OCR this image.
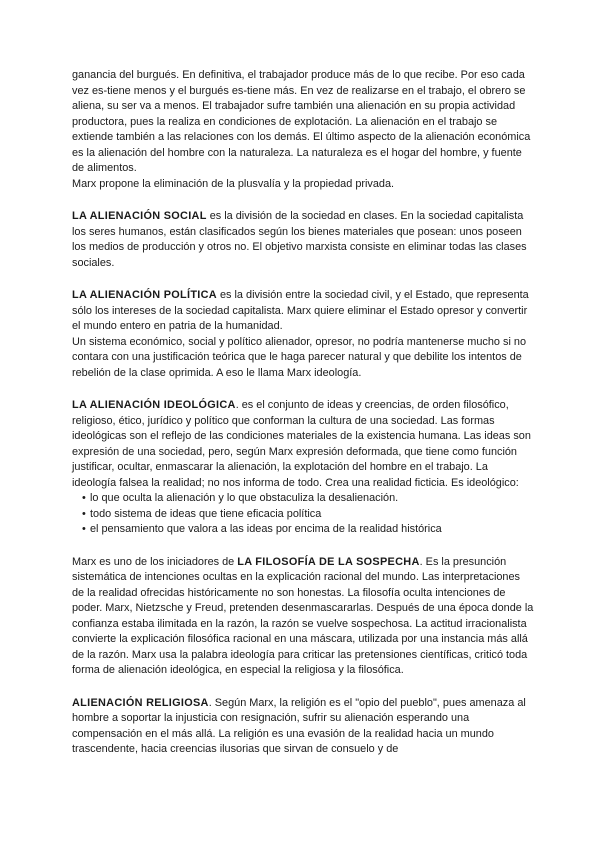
ganancia del burgués. En definitiva, el trabajador produce más de lo que recibe. Por eso cada vez es-tiene menos y el burgués es-tiene más. En vez de realizarse en el trabajo, el obrero se aliena, su ser va a menos. El trabajador sufre también una alienación en su propia actividad productora, pues la realiza en condiciones de explotación. La alienación en el trabajo se extiende también a las relaciones con los demás. El último aspecto de la alienación económica es la alienación del hombre con la naturaleza. La naturaleza es el hogar del hombre, y fuente de alimentos.

Marx propone la eliminación de la plusvalía y la propiedad privada.

LA ALIENACIÓN SOCIAL es la división de la sociedad en clases. En la sociedad capitalista los seres humanos, están clasificados según los bienes materiales que posean: unos poseen los medios de producción y otros no. El objetivo marxista consiste en eliminar todas las clases sociales.

LA ALIENACIÓN POLÍTICA es la división entre la sociedad civil, y el Estado, que representa sólo los intereses de la sociedad capitalista. Marx quiere eliminar el Estado opresor y convertir el mundo entero en patria de la humanidad.

Un sistema económico, social y político alienador, opresor, no podría mantenerse mucho si no contara con una justificación teórica que le haga parecer natural y que debilite los intentos de rebelión de la clase oprimida. A eso le llama Marx ideología.

LA ALIENACIÓN IDEOLÓGICA. es el conjunto de ideas y creencias, de orden filosófico, religioso, ético, jurídico y político que conforman la cultura de una sociedad. Las formas ideológicas son el reflejo de las condiciones materiales de la existencia humana. Las ideas son expresión de una sociedad, pero, según Marx expresión deformada, que tiene como función justificar, ocultar, enmascarar la alienación, la explotación del hombre en el trabajo. La ideología falsea la realidad; no nos informa de todo. Crea una realidad ficticia. Es ideológico:

• lo que oculta la alienación y lo que obstaculiza la desalienación.
• todo sistema de ideas que tiene eficacia política
• el pensamiento que valora a las ideas por encima de la realidad histórica

Marx es uno de los iniciadores de LA FILOSOFÍA DE LA SOSPECHA. Es la presunción sistemática de intenciones ocultas en la explicación racional del mundo. Las interpretaciones de la realidad ofrecidas históricamente no son honestas. La filosofía oculta intenciones de poder. Marx, Nietzsche y Freud, pretenden desenmascararlas. Después de una época donde la confianza estaba ilimitada en la razón, la razón se vuelve sospechosa. La actitud irracionalista convierte la explicación filosófica racional en una máscara, utilizada por una instancia más allá de la razón. Marx usa la palabra ideología para criticar las pretensiones científicas, criticó toda forma de alienación ideológica, en especial la religiosa y la filosófica.

ALIENACIÓN RELIGIOSA. Según Marx, la religión es el "opio del pueblo", pues amenaza al hombre a soportar la injusticia con resignación, sufrir su alienación esperando una compensación en el más allá. La religión es una evasión de la realidad hacia un mundo trascendente, hacia creencias ilusorias que sirvan de consuelo y de
